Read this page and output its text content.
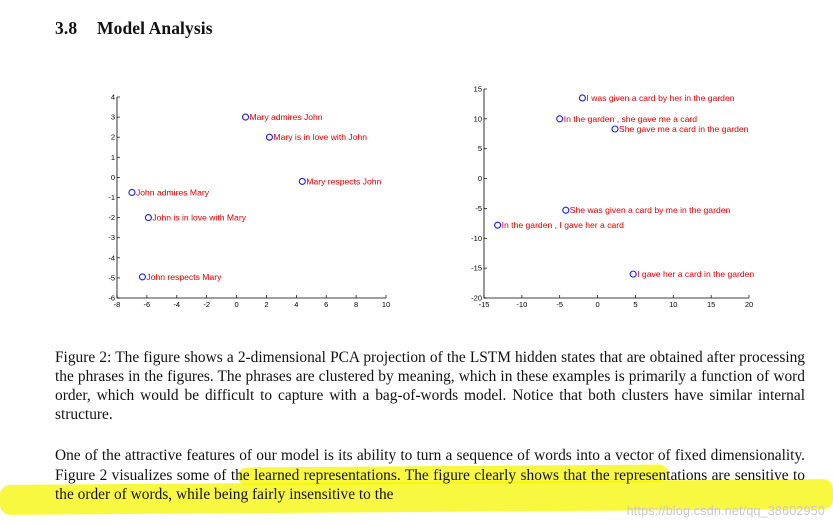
3.8 Model Analysis
-8	-6	-4	-2	0	2	4	6	8	10
-6
-5
-4
-3
-2
-1
0
1
2
3
4
Mary admires John
Mary is in love with John
Mary respects John
John admires Mary
John is in love with Mary
John respects Mary
-15	-10	-5	0	5	10	15	20
-20
-15
-10
-5
0
5
10
15
I was given a card by her in the garden
In the garden , she gave me a card
She gave me a card in the garden
She was given a card by me in the garden
In the garden , I gave her a card
I gave her a card in the garden
Figure 2: The figure shows a 2-dimensional PCA projection of the LSTM hidden states that are obtained after processing the phrases in the figures. The phrases are clustered by meaning, which in these examples is primarily a function of word order, which would be difficult to capture with a bag-of-words model. Notice that both clusters have similar internal structure.
One of the attractive features of our model is its ability to turn a sequence of words into a vector of fixed dimensionality. Figure 2 visualizes some of the learned representations. The figure clearly shows that the representations are sensitive to the order of words, while being fairly insensitive to the
https://blog.csdn.net/qq_38602950
